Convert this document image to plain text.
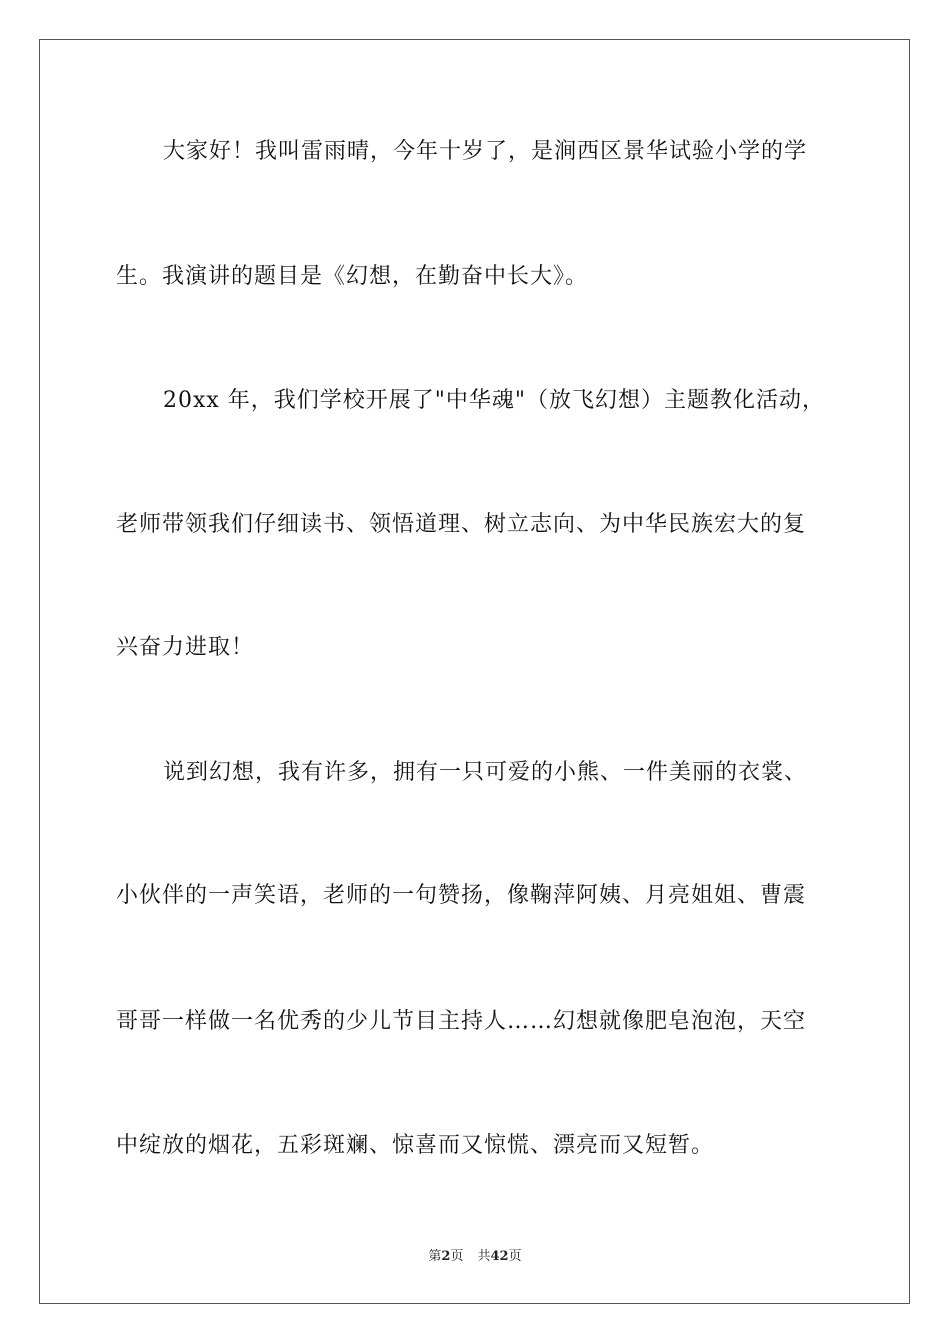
大家好！我叫雷雨晴，今年十岁了，是涧西区景华试验小学的学
生。我演讲的题目是《幻想，在勤奋中长大》。
20xx 年，我们学校开展了"中华魂"（放飞幻想）主题教化活动，
老师带领我们仔细读书、领悟道理、树立志向、为中华民族宏大的复
兴奋力进取！
说到幻想，我有许多，拥有一只可爱的小熊、一件美丽的衣裳、
小伙伴的一声笑语，老师的一句赞扬，像鞠萍阿姨、月亮姐姐、曹震
哥哥一样做一名优秀的少儿节目主持人……幻想就像肥皂泡泡，天空
中绽放的烟花，五彩斑斓、惊喜而又惊慌、漂亮而又短暂。
第2页 共42页
